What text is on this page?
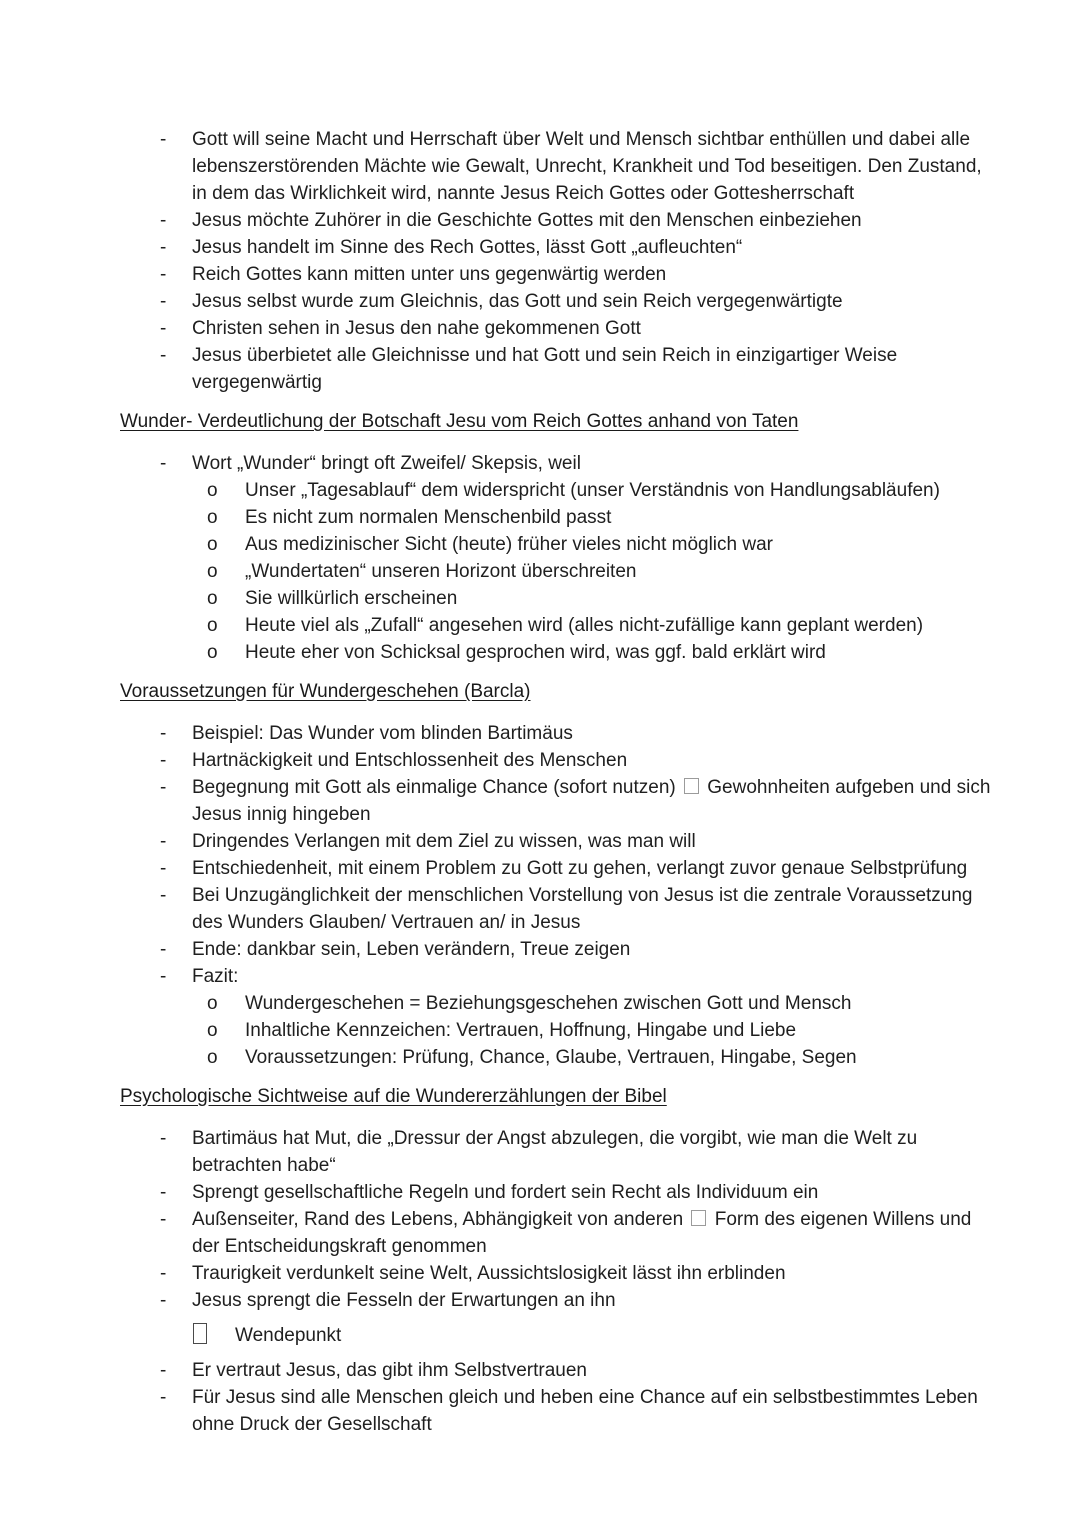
-	Gott will seine Macht und Herrschaft über Welt und Mensch sichtbar enthüllen und dabei alle
lebenszerstörenden Mächte wie Gewalt, Unrecht, Krankheit und Tod beseitigen. Den Zustand,
in dem das Wirklichkeit wird, nannte Jesus Reich Gottes oder Gottesherrschaft
-	Jesus möchte Zuhörer in die Geschichte Gottes mit den Menschen einbeziehen
-	Jesus handelt im Sinne des Rech Gottes, lässt Gott „aufleuchten“
-	Reich Gottes kann mitten unter uns gegenwärtig werden
-	Jesus selbst wurde zum Gleichnis, das Gott und sein Reich vergegenwärtigte
-	Christen sehen in Jesus den nahe gekommenen Gott
-	Jesus überbietet alle Gleichnisse und hat Gott und sein Reich in einzigartiger Weise
vergegenwärtig
Wunder- Verdeutlichung der Botschaft Jesu vom Reich Gottes anhand von Taten
-	Wort „Wunder“ bringt oft Zweifel/ Skepsis, weil
o	Unser „Tagesablauf“ dem widerspricht (unser Verständnis von Handlungsabläufen)
o	Es nicht zum normalen Menschenbild passt
o	Aus medizinischer Sicht (heute) früher vieles nicht möglich war
o	„Wundertaten“ unseren Horizont überschreiten
o	Sie willkürlich erscheinen
o	Heute viel als „Zufall“ angesehen wird (alles nicht-zufällige kann geplant werden)
o	Heute eher von Schicksal gesprochen wird, was ggf. bald erklärt wird
Voraussetzungen für Wundergeschehen (Barcla)
-	Beispiel: Das Wunder vom blinden Bartimäus
-	Hartnäckigkeit und Entschlossenheit des Menschen
-	Begegnung mit Gott als einmalige Chance (sofort nutzen)  Gewohnheiten aufgeben und sich
Jesus innig hingeben
-	Dringendes Verlangen mit dem Ziel zu wissen, was man will
-	Entschiedenheit, mit einem Problem zu Gott zu gehen, verlangt zuvor genaue Selbstprüfung
-	Bei Unzugänglichkeit der menschlichen Vorstellung von Jesus ist die zentrale Voraussetzung
des Wunders Glauben/ Vertrauen an/ in Jesus
-	Ende: dankbar sein, Leben verändern, Treue zeigen
-	Fazit:
o	Wundergeschehen = Beziehungsgeschehen zwischen Gott und Mensch
o	Inhaltliche Kennzeichen: Vertrauen, Hoffnung, Hingabe und Liebe
o	Voraussetzungen: Prüfung, Chance, Glaube, Vertrauen, Hingabe, Segen
Psychologische Sichtweise auf die Wundererzählungen der Bibel
-	Bartimäus hat Mut, die „Dressur der Angst abzulegen, die vorgibt, wie man die Welt zu
betrachten habe“
-	Sprengt gesellschaftliche Regeln und fordert sein Recht als Individuum ein
-	Außenseiter, Rand des Lebens, Abhängigkeit von anderen  Form des eigenen Willens und
der Entscheidungskraft genommen
-	Traurigkeit verdunkelt seine Welt, Aussichtslosigkeit lässt ihn erblinden
-	Jesus sprengt die Fesseln der Erwartungen an ihn
Wendepunkt
-	Er vertraut Jesus, das gibt ihm Selbstvertrauen
-	Für Jesus sind alle Menschen gleich und heben eine Chance auf ein selbstbestimmtes Leben
ohne Druck der Gesellschaft
